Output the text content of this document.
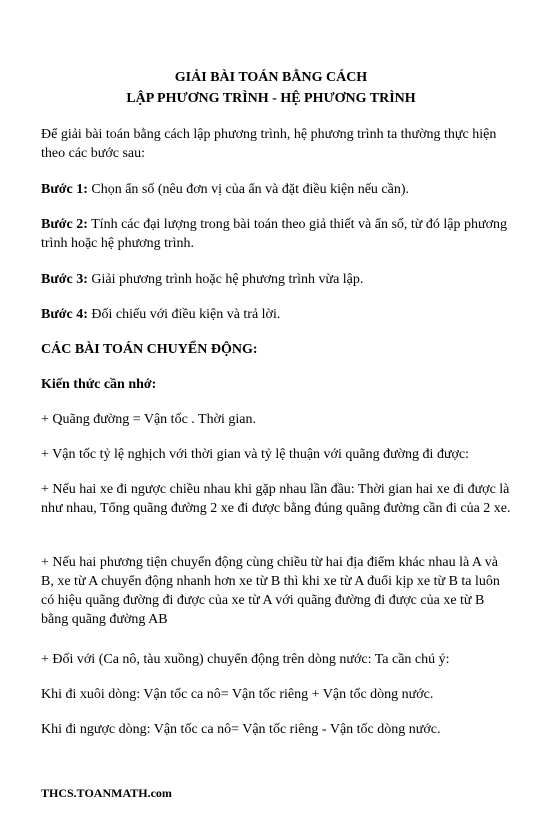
GIẢI BÀI TOÁN BẰNG CÁCH
LẬP PHƯƠNG TRÌNH - HỆ PHƯƠNG TRÌNH
Để giải bài toán bằng cách lập phương trình, hệ phương trình ta thường thực hiện theo các bước sau:
Bước 1: Chọn ẩn số (nêu đơn vị của ẩn và đặt điều kiện nếu cần).
Bước 2: Tính các đại lượng trong bài toán theo giả thiết và ẩn số, từ đó lập phương trình hoặc hệ phương trình.
Bước 3: Giải phương trình hoặc hệ phương trình vừa lập.
Bước 4: Đối chiếu với điều kiện và trả lời.
CÁC BÀI TOÁN CHUYỂN ĐỘNG:
Kiến thức cần nhớ:
+ Quãng đường = Vận tốc . Thời gian.
+ Vận tốc tỷ lệ nghịch với thời gian và tỷ lệ thuận với quãng đường đi được:
+ Nếu hai xe đi ngược chiều nhau khi gặp nhau lần đầu: Thời gian hai xe đi được là như nhau, Tổng quãng đường 2 xe đi được bằng đúng quãng đường cần đi của 2 xe.
+ Nếu hai phương tiện chuyển động cùng chiều từ hai địa điểm khác nhau là A và B, xe từ A chuyển động nhanh hơn xe từ B thì khi xe từ A đuổi kịp xe từ B ta luôn có hiệu quãng đường đi được của xe từ A với quãng đường đi được của xe từ B bằng quãng đường AB
+ Đối với (Ca nô, tàu xuồng) chuyển động trên dòng nước: Ta cần chú ý:
Khi đi xuôi dòng: Vận tốc ca nô= Vận tốc riêng + Vận tốc dòng nước.
Khi đi ngược dòng: Vận tốc ca nô= Vận tốc riêng - Vận tốc dòng nước.
THCS.TOANMATH.com
